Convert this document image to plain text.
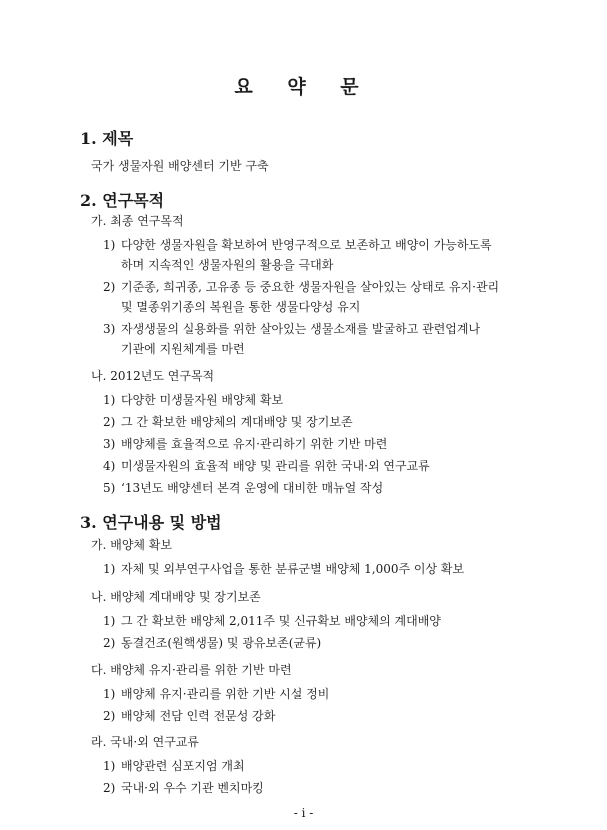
요 약 문
1. 제목
국가 생물자원 배양센터 기반 구축
2. 연구목적
가. 최종 연구목적
1) 다양한 생물자원을 확보하여 반영구적으로 보존하고 배양이 가능하도록
하며 지속적인 생물자원의 활용을 극대화
2) 기준종, 희귀종, 고유종 등 중요한 생물자원을 살아있는 상태로 유지·관리
및 멸종위기종의 복원을 통한 생물다양성 유지
3) 자생생물의 실용화를 위한 살아있는 생물소재를 발굴하고 관련업계나
기관에 지원체계를 마련
나. 2012년도 연구목적
1) 다양한 미생물자원 배양체 확보
2) 그 간 확보한 배양체의 계대배양 및 장기보존
3) 배양체를 효율적으로 유지·관리하기 위한 기반 마련
4) 미생물자원의 효율적 배양 및 관리를 위한 국내·외 연구교류
5) ‘13년도 배양센터 본격 운영에 대비한 매뉴얼 작성
3. 연구내용 및 방법
가. 배양체 확보
1) 자체 및 외부연구사업을 통한 분류군별 배양체 1,000주 이상 확보
나. 배양체 계대배양 및 장기보존
1) 그 간 확보한 배양체 2,011주 및 신규확보 배양체의 계대배양
2) 동결건조(원핵생물) 및 광유보존(균류)
다. 배양체 유지·관리를 위한 기반 마련
1) 배양체 유지·관리를 위한 기반 시설 정비
2) 배양체 전담 인력 전문성 강화
라. 국내·외 연구교류
1) 배양관련 심포지엄 개최
2) 국내·외 우수 기관 벤치마킹
- i -
